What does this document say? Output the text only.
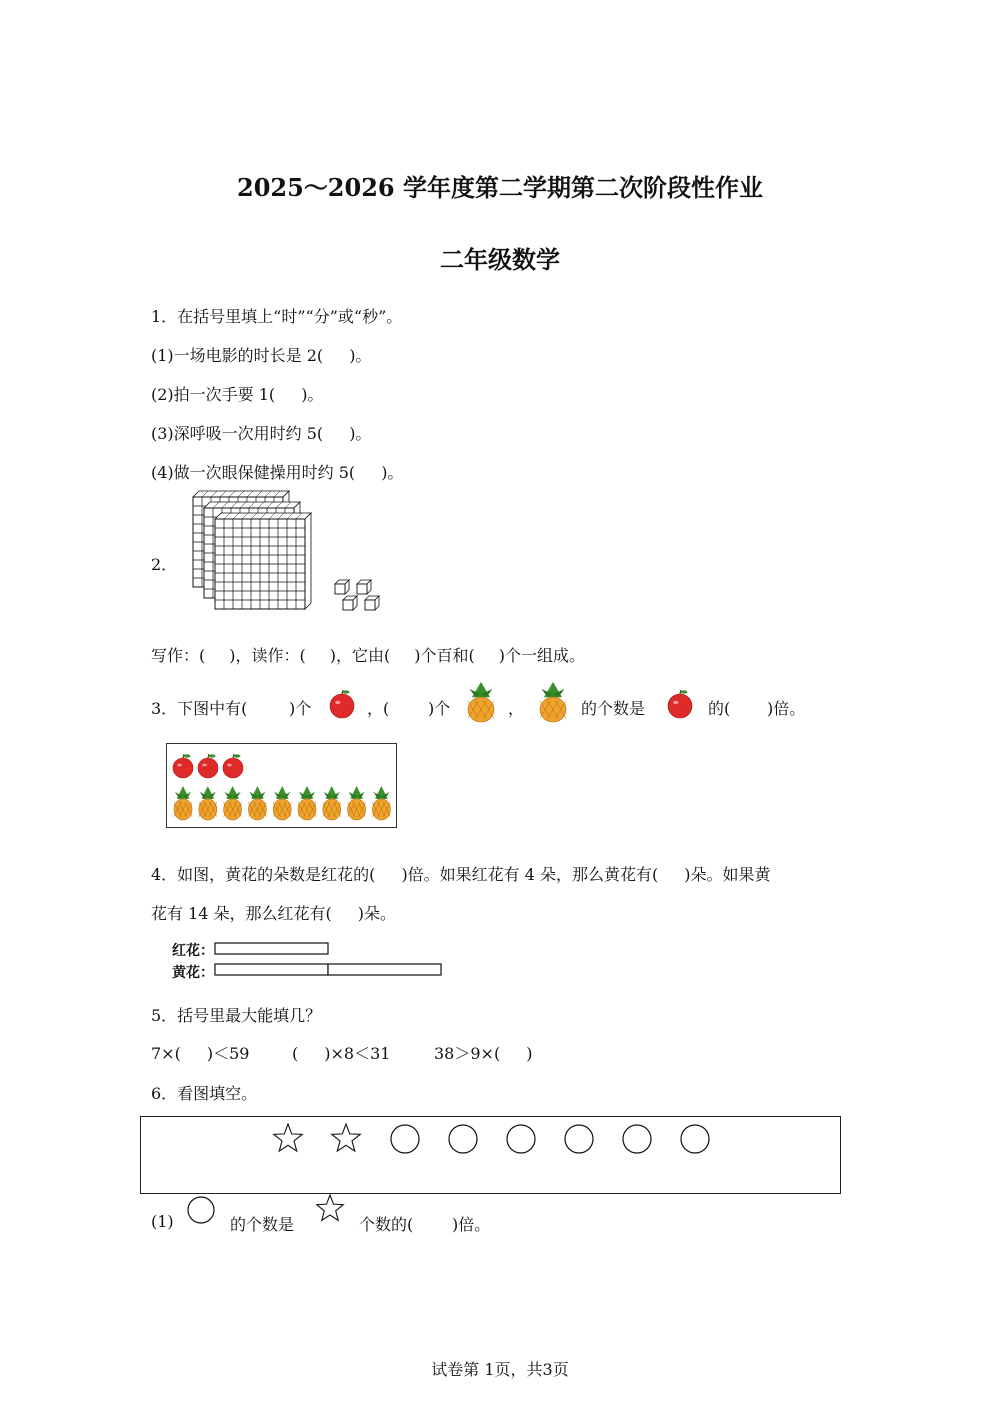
2025～2026 学年度第二学期第二次阶段性作业
二年级数学
1．在括号里填上“时”“分”或“秒”。
(1)一场电影的时长是 2( )。
(2)拍一次手要 1( )。
(3)深呼吸一次用时约 5( )。
(4)做一次眼保健操用时约 5( )。
2．
写作：( )，读作：( )，它由( )个百和( )个一组成。
3．下图中有(	)个	，( )个	，	的个数是	的( )倍。
4．如图，黄花的朵数是红花的( )倍。如果红花有 4 朵，那么黄花有( )朵。如果黄
花有 14 朵，那么红花有( )朵。
红花：
黄花：
5．括号里最大能填几？
7×( )＜59	( )×8＜31	38＞9×( )
6．看图填空。
(1)	的个数是	个数的( )倍。
试卷第 1页，共3页
